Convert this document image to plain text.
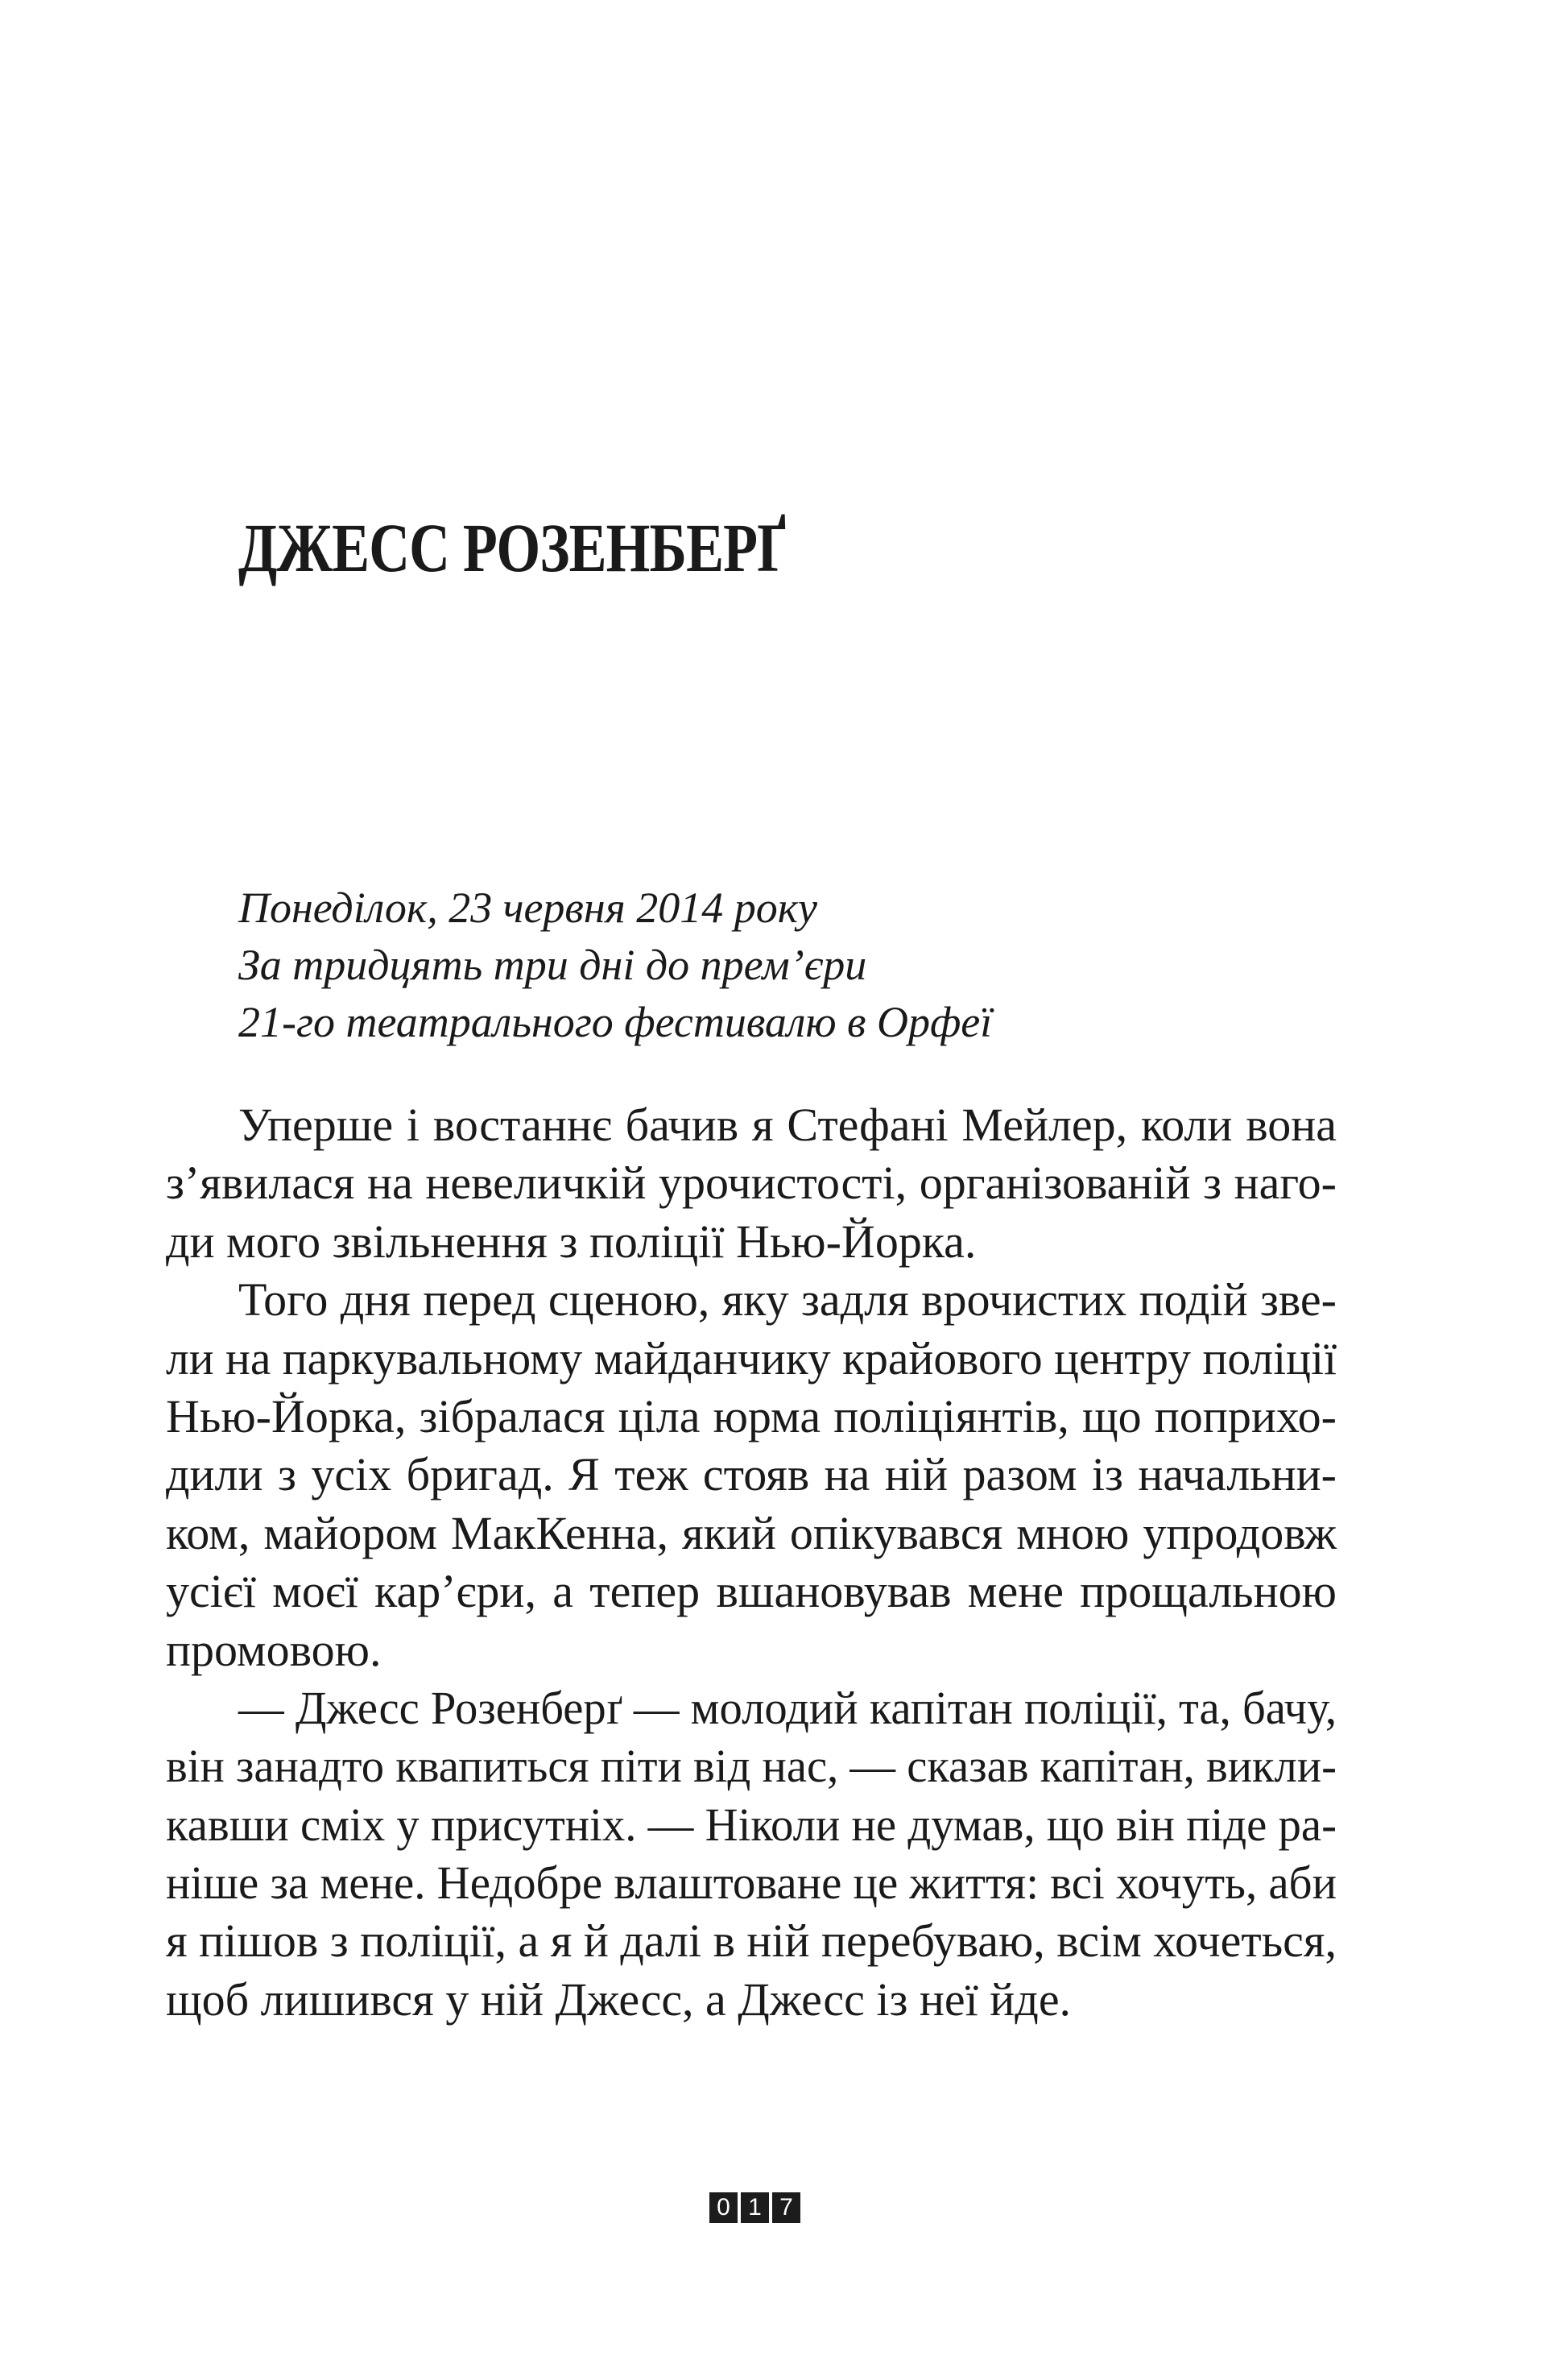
ДЖЕСС РОЗЕНБЕРҐ
Понеділок, 23 червня 2014 року
За тридцять три дні до прем’єри
21-го театрального фестивалю в Орфеї
Уперше і востаннє бачив я Стефані Мейлер, коли вона
з’явилася на невеличкій урочистості, організованій з наго-
ди мого звільнення з поліції Нью-Йорка.
Того дня перед сценою, яку задля врочистих подій зве-
ли на паркувальному майданчику крайового центру поліції
Нью-Йорка, зібралася ціла юрма поліціянтів, що поприхо-
дили з усіх бригад. Я теж стояв на ній разом із начальни-
ком, майором МакКенна, який опікувався мною упродовж
усієї моєї кар’єри, а тепер вшановував мене прощальною
промовою.
— Джесс Розенберґ — молодий капітан поліції, та, бачу,
він занадто квапиться піти від нас, — сказав капітан, викли-
кавши сміх у присутніх. — Ніколи не думав, що він піде ра-
ніше за мене. Недобре влаштоване це життя: всі хочуть, аби
я пішов з поліції, а я й далі в ній перебуваю, всім хочеться,
щоб лишився у ній Джесс, а Джесс із неї йде.
0 1 7
